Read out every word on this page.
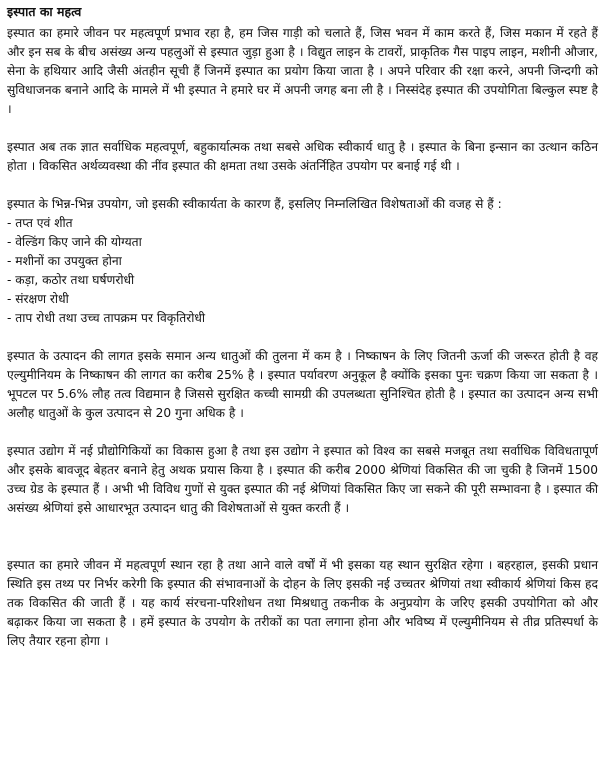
इस्पात का महत्व

इस्पात का हमारे जीवन पर महत्वपूर्ण प्रभाव रहा है, हम जिस गाड़ी को चलाते हैं, जिस भवन में काम करते हैं, जिस मकान में रहते हैं और इन सब के बीच असंख्य अन्य पहलुओं से इस्पात जुड़ा हुआ है । विद्युत लाइन के टावरों, प्राकृतिक गैस पाइप लाइन, मशीनी औजार, सेना के हथियार आदि जैसी अंतहीन सूची हैं जिनमें इस्पात का प्रयोग किया जाता है । अपने परिवार की रक्षा करने, अपनी जिन्दगी को सुविधाजनक बनाने आदि के मामले में भी इस्पात ने हमारे घर में अपनी जगह बना ली है । निस्संदेह इस्पात की उपयोगिता बिल्कुल स्पष्ट है ।

इस्पात अब तक ज्ञात सर्वाधिक महत्वपूर्ण, बहुकार्यात्मक तथा सबसे अधिक स्वीकार्य धातु है । इस्पात के बिना इन्सान का उत्थान कठिन होता । विकसित अर्थव्यवस्था की नींव इस्पात की क्षमता तथा उसके अंतर्निहित उपयोग पर बनाई गई थी ।

इस्पात के भिन्न-भिन्न उपयोग, जो इसकी स्वीकार्यता के कारण हैं, इसलिए निम्नलिखित विशेषताओं की वजह से हैं :

- तप्त एवं शीत
- वेल्डिंग किए जाने की योग्यता
- मशीनों का उपयुक्त होना
- कड़ा, कठोर तथा घर्षणरोधी
- संरक्षण रोधी
- ताप रोधी तथा उच्च तापक्रम पर विकृतिरोधी

इस्पात के उत्पादन की लागत इसके समान अन्य धातुओं की तुलना में कम है । निष्काषन के लिए जितनी ऊर्जा की जरूरत होती है वह एल्युमीनियम के निष्काषन की लागत का करीब 25% है । इस्पात पर्यावरण अनुकूल है क्योंकि इसका पुनः चक्रण किया जा सकता है । भूपटल पर 5.6% लौह तत्व विद्यमान है जिससे सुरक्षित कच्ची सामग्री की उपलब्धता सुनिश्चित होती है । इस्पात का उत्पादन अन्य सभी अलौह धातुओं के कुल उत्पादन से 20 गुना अधिक है ।

इस्पात उद्योग में नई प्रौद्योगिकियों का विकास हुआ है तथा इस उद्योग ने इस्पात को विश्व का सबसे मजबूत तथा सर्वाधिक विविधतापूर्ण और इसके बावजूद बेहतर बनाने हेतु अथक प्रयास किया है । इस्पात की करीब 2000 श्रेणियां विकसित की जा चुकी है जिनमें 1500 उच्च ग्रेड के इस्पात हैं । अभी भी विविध गुणों से युक्त इस्पात की नई श्रेणियां विकसित किए जा सकने की पूरी सम्भावना है । इस्पात की असंख्य श्रेणियां इसे आधारभूत उत्पादन धातु की विशेषताओं से युक्त करती हैं ।

इस्पात का हमारे जीवन में महत्वपूर्ण स्थान रहा है तथा आने वाले वर्षों में भी इसका यह स्थान सुरक्षित रहेगा । बहरहाल, इसकी प्रधान स्थिति इस तथ्य पर निर्भर करेगी कि इस्पात की संभावनाओं के दोहन के लिए इसकी नई उच्चतर श्रेणियां तथा स्वीकार्य श्रेणियां किस हद तक विकसित की जाती हैं । यह कार्य संरचना-परिशोधन तथा मिश्रधातु तकनीक के अनुप्रयोग के जरिए इसकी उपयोगिता को और बढ़ाकर किया जा सकता है । हमें इस्पात के उपयोग के तरीकों का पता लगाना होना और भविष्य में एल्युमीनियम से तीव्र प्रतिस्पर्धा के लिए तैयार रहना होगा ।
